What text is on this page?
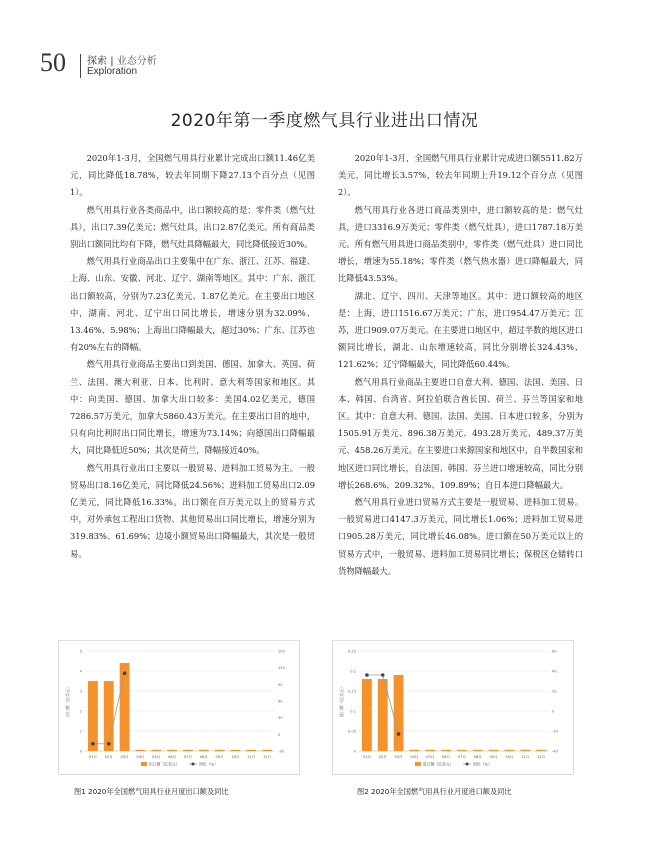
50 探索 | 业态分析
Exploration
2020年第一季度燃气具行业进出口情况

2020年1-3月，全国燃气用具行业累计完成出口额11.46亿美元，同比降低18.78%，较去年同期下降27.13个百分点（见图1）。

燃气用具行业各类商品中，出口额较高的是：零件类（燃气灶具），出口7.39亿美元；燃气灶具，出口2.87亿美元。所有商品类别出口额同比均有下降，燃气灶具降幅最大，同比降低接近30%。

燃气用具行业商品出口主要集中在广东、浙江、江苏、福建、上海、山东、安徽、河北、辽宁、湖南等地区。其中：广东、浙江出口额较高，分别为7.23亿美元、1.87亿美元。在主要出口地区中，湖南、河北、辽宁出口同比增长，增速分别为32.09%、13.46%、5.98%；上海出口降幅最大，超过30%；广东、江苏也有20%左右的降幅。

燃气用具行业商品主要出口到美国、德国、加拿大、英国、荷兰、法国、澳大利亚、日本、比利时、意大利等国家和地区。其中：向美国、德国、加拿大出口较多：美国4.02亿美元，德国7286.57万美元，加拿大5860.43万美元。在主要出口目的地中，只有向比利时出口同比增长，增速为73.14%；向德国出口降幅最大，同比降低近50%；其次是荷兰，降幅接近40%。

燃气用具行业出口主要以一般贸易、进料加工贸易为主。一般贸易出口8.16亿美元，同比降低24.56%；进料加工贸易出口2.09亿美元，同比降低16.33%。出口额在百万美元以上的贸易方式中，对外承包工程出口货物、其他贸易出口同比增长，增速分别为319.83%、61.69%；边境小额贸易出口降幅最大，其次是一般贸易。

2020年1-3月，全国燃气用具行业累计完成进口额5511.82万美元，同比增长3.57%，较去年同期上升19.12个百分点（见图2）。

燃气用具行业各进口商品类别中，进口额较高的是：燃气灶具，进口3316.9万美元；零件类（燃气灶具），进口1787.18万美元。所有燃气用具进口商品类别中，零件类（燃气灶具）进口同比增长，增速为55.18%；零件类（燃气热水器）进口降幅最大，同比降低43.53%。

湖北、辽宁、四川、天津等地区。其中：进口额较高的地区是：上海，进口1516.67万美元；广东，进口954.47万美元；江苏，进口909.07万美元。在主要进口地区中，超过半数的地区进口额同比增长，湖北、山东增速较高，同比分别增长324.43%、121.62%；辽宁降幅最大，同比降低60.44%。

燃气用具行业商品主要进口自意大利、德国、法国、美国、日本、韩国、台湾省、阿拉伯联合酋长国、荷兰、芬兰等国家和地区。其中：自意大利、德国、法国、美国、日本进口较多，分别为1505.91万美元、896.38万美元、493.28万美元、489.37万美元、458.26万美元。在主要进口来源国家和地区中，自半数国家和地区进口同比增长，自法国、韩国、芬兰进口增速较高，同比分别增长268.6%、209.32%、109.89%；自日本进口降幅最大。

燃气用具行业进口贸易方式主要是一般贸易、进料加工贸易。一般贸易进口4147.3万美元，同比增长1.06%；进料加工贸易进口905.28万美元，同比增长46.08%。进口额在50万美元以上的贸易方式中，一般贸易、进料加工贸易同比增长；保税区仓储转口货物降幅最大。

0
1
2
3
4
5
-30
0
30
60
90
120
150
出口额（亿美元）
01月 02月 03月 04月 05月 06月 07月 08月 09月 10月 11月 12月
出口额（亿美元）	同比（%）
0
0.05
0.1
0.15
0.2
0.25
-40
-20
0
20
40
60
进口额（亿美元）
01月 02月 03月 04月 05月 06月 07月 08月 09月 10月 11月 12月
进口额（亿美元）	同比（%）
图1 2020年全国燃气用具行业月度出口额及同比	图2 2020年全国燃气用具行业月度进口额及同比
